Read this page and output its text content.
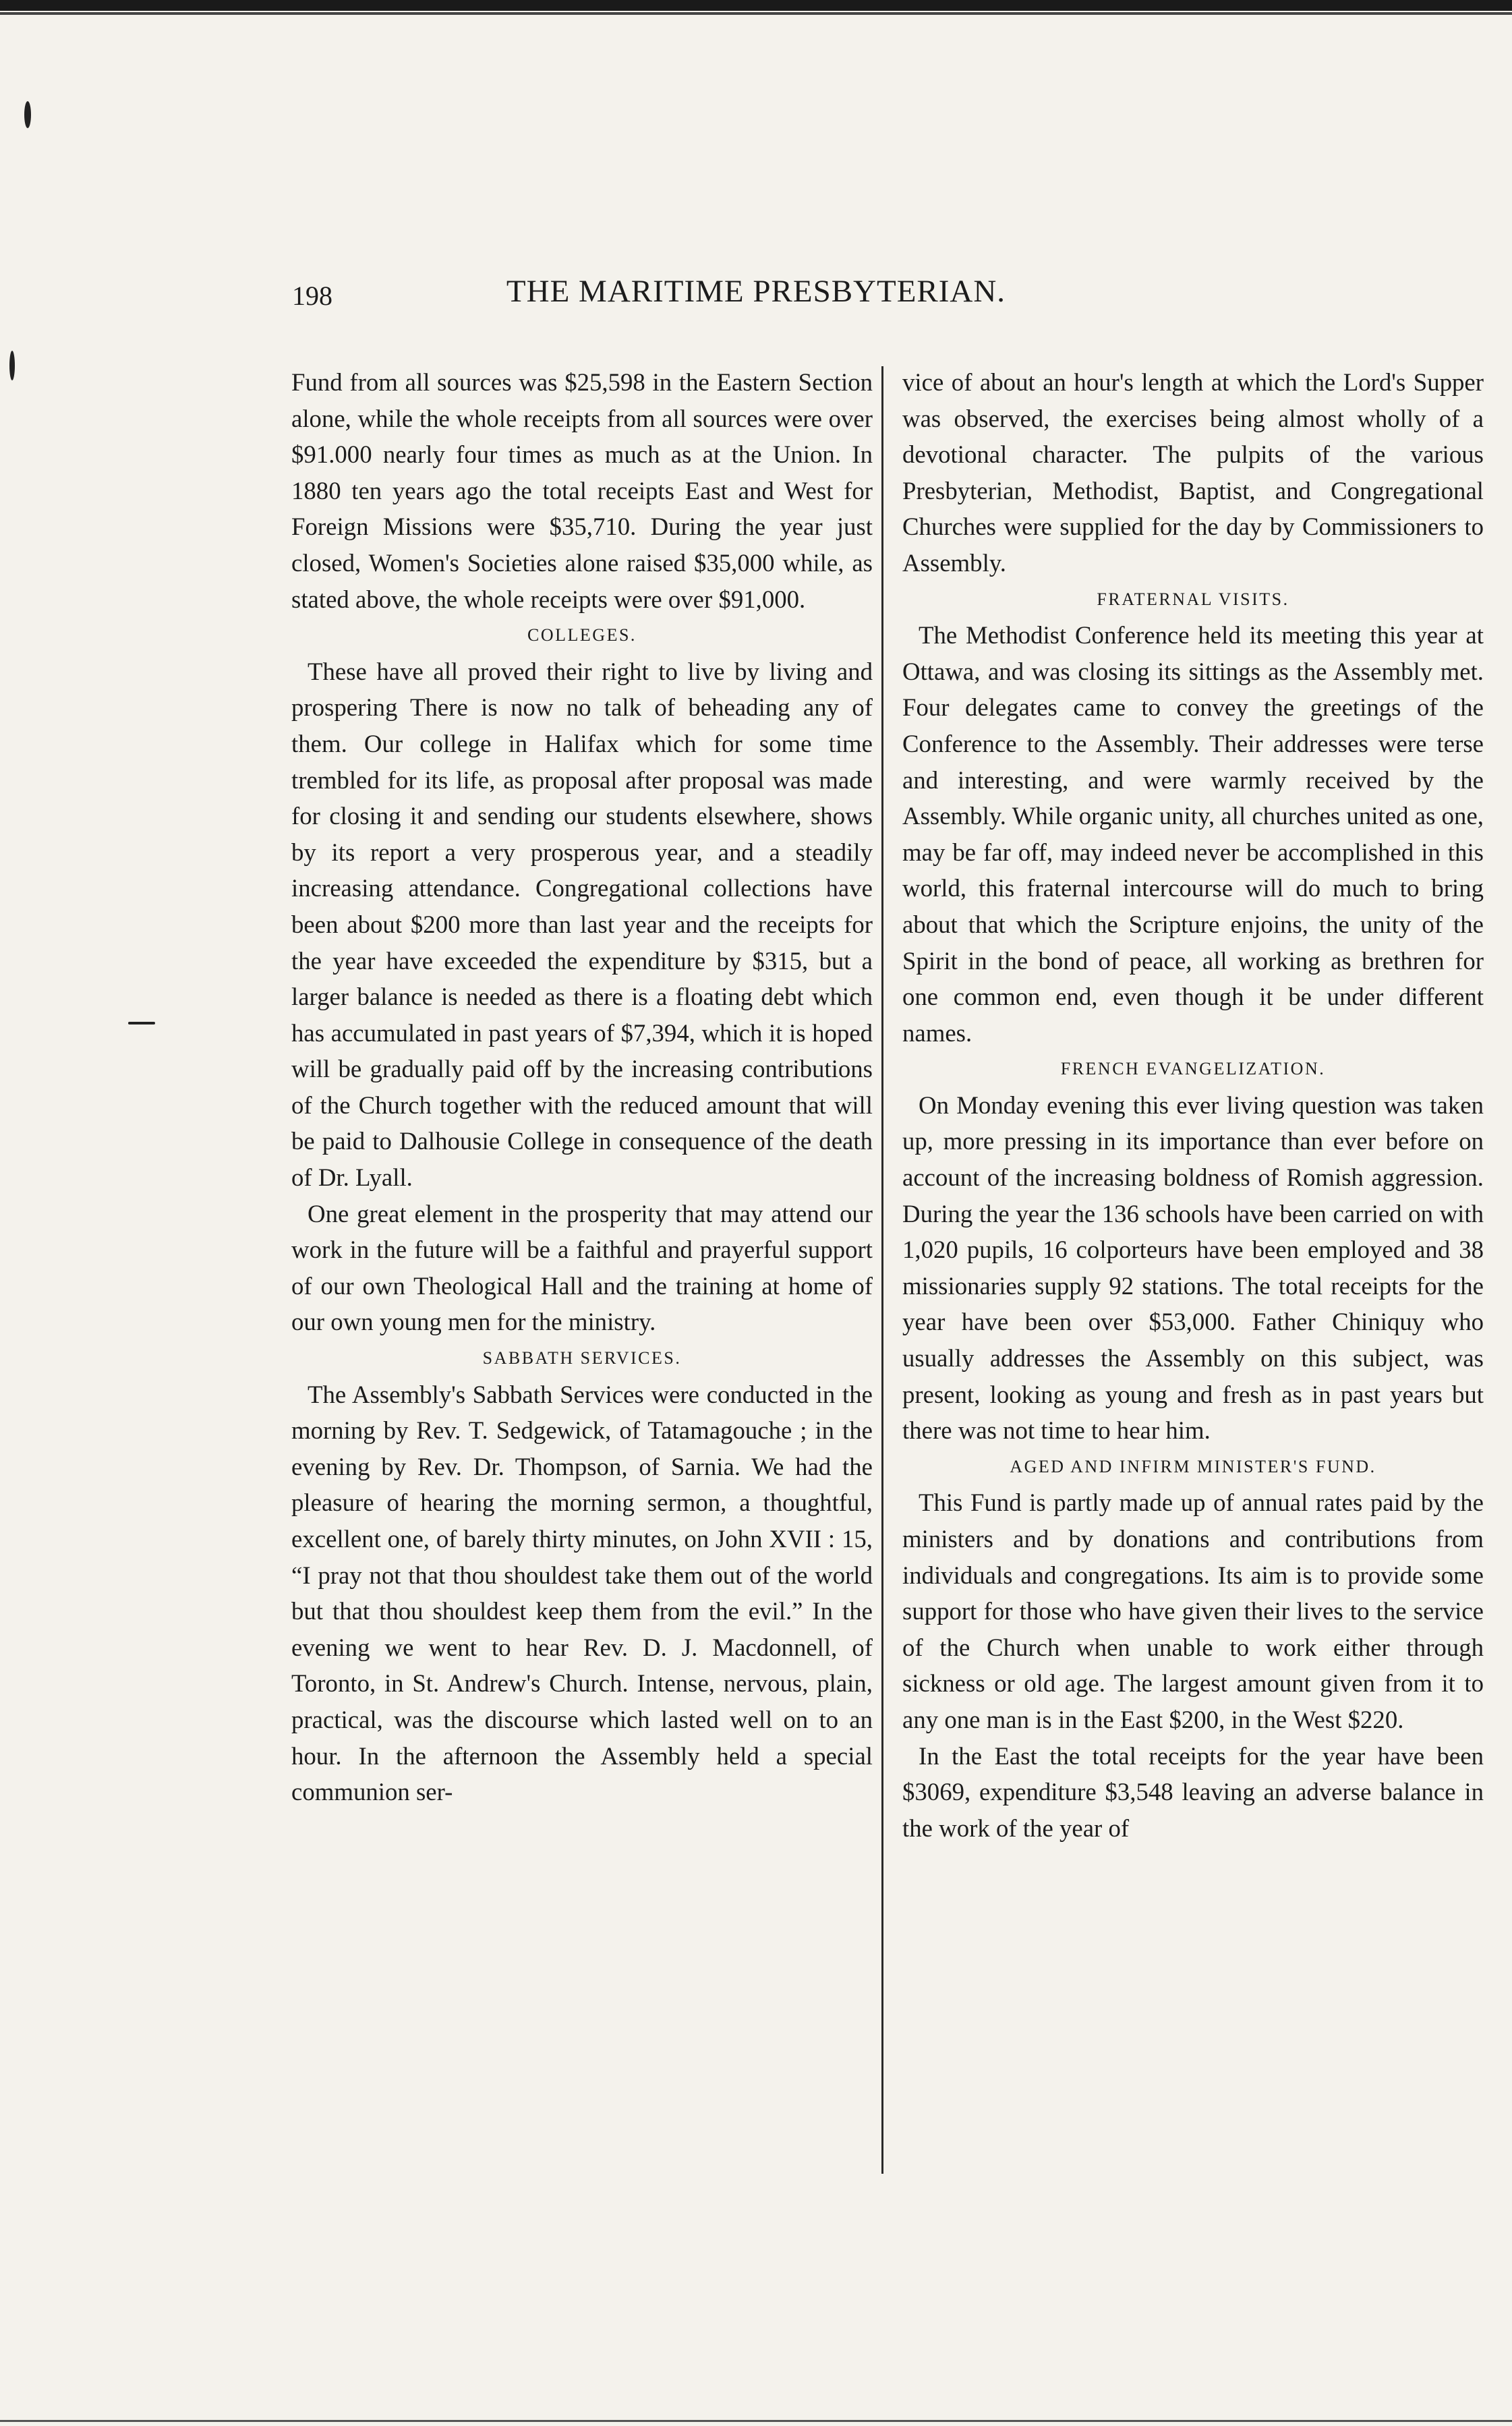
198	THE MARITIME PRESBYTERIAN.

Fund from all sources was $25,598 in the Eastern Section alone, while the whole receipts from all sources were over $91.000 nearly four times as much as at the Union. In 1880 ten years ago the total receipts East and West for Foreign Missions were $35,710. During the year just closed, Women's Societies alone raised $35,000 while, as stated above, the whole receipts were over $91,000.

COLLEGES.

These have all proved their right to live by living and prospering There is now no talk of beheading any of them. Our college in Halifax which for some time trembled for its life, as proposal after proposal was made for closing it and sending our students elsewhere, shows by its report a very prosperous year, and a steadily increasing attendance. Congregational collections have been about $200 more than last year and the receipts for the year have exceeded the expenditure by $315, but a larger balance is needed as there is a floating debt which has accumulated in past years of $7,394, which it is hoped will be gradually paid off by the increasing contributions of the Church together with the reduced amount that will be paid to Dalhousie College in consequence of the death of Dr. Lyall.

One great element in the prosperity that may attend our work in the future will be a faithful and prayerful support of our own Theological Hall and the training at home of our own young men for the ministry.

SABBATH SERVICES.

The Assembly's Sabbath Services were conducted in the morning by Rev. T. Sedgewick, of Tatamagouche ; in the evening by Rev. Dr. Thompson, of Sarnia. We had the pleasure of hearing the morning sermon, a thoughtful, excellent one, of barely thirty minutes, on John XVII : 15, “I pray not that thou shouldest take them out of the world but that thou shouldest keep them from the evil.” In the evening we went to hear Rev. D. J. Macdonnell, of Toronto, in St. Andrew's Church. Intense, nervous, plain, practical, was the discourse which lasted well on to an hour. In the afternoon the Assembly held a special communion ser-

vice of about an hour's length at which the Lord's Supper was observed, the exercises being almost wholly of a devotional character. The pulpits of the various Presbyterian, Methodist, Baptist, and Congregational Churches were supplied for the day by Commissioners to Assembly.

FRATERNAL VISITS.

The Methodist Conference held its meeting this year at Ottawa, and was closing its sittings as the Assembly met. Four delegates came to convey the greetings of the Conference to the Assembly. Their addresses were terse and interesting, and were warmly received by the Assembly. While organic unity, all churches united as one, may be far off, may indeed never be accomplished in this world, this fraternal intercourse will do much to bring about that which the Scripture enjoins, the unity of the Spirit in the bond of peace, all working as brethren for one common end, even though it be under different names.

FRENCH EVANGELIZATION.

On Monday evening this ever living question was taken up, more pressing in its importance than ever before on account of the increasing boldness of Romish aggression. During the year the 136 schools have been carried on with 1,020 pupils, 16 colporteurs have been employed and 38 missionaries supply 92 stations. The total receipts for the year have been over $53,000. Father Chiniquy who usually addresses the Assembly on this subject, was present, looking as young and fresh as in past years but there was not time to hear him.

AGED AND INFIRM MINISTER'S FUND.

This Fund is partly made up of annual rates paid by the ministers and by donations and contributions from individuals and congregations. Its aim is to provide some support for those who have given their lives to the service of the Church when unable to work either through sickness or old age. The largest amount given from it to any one man is in the East $200, in the West $220.

In the East the total receipts for the year have been $3069, expenditure $3,548 leaving an adverse balance in the work of the year of
